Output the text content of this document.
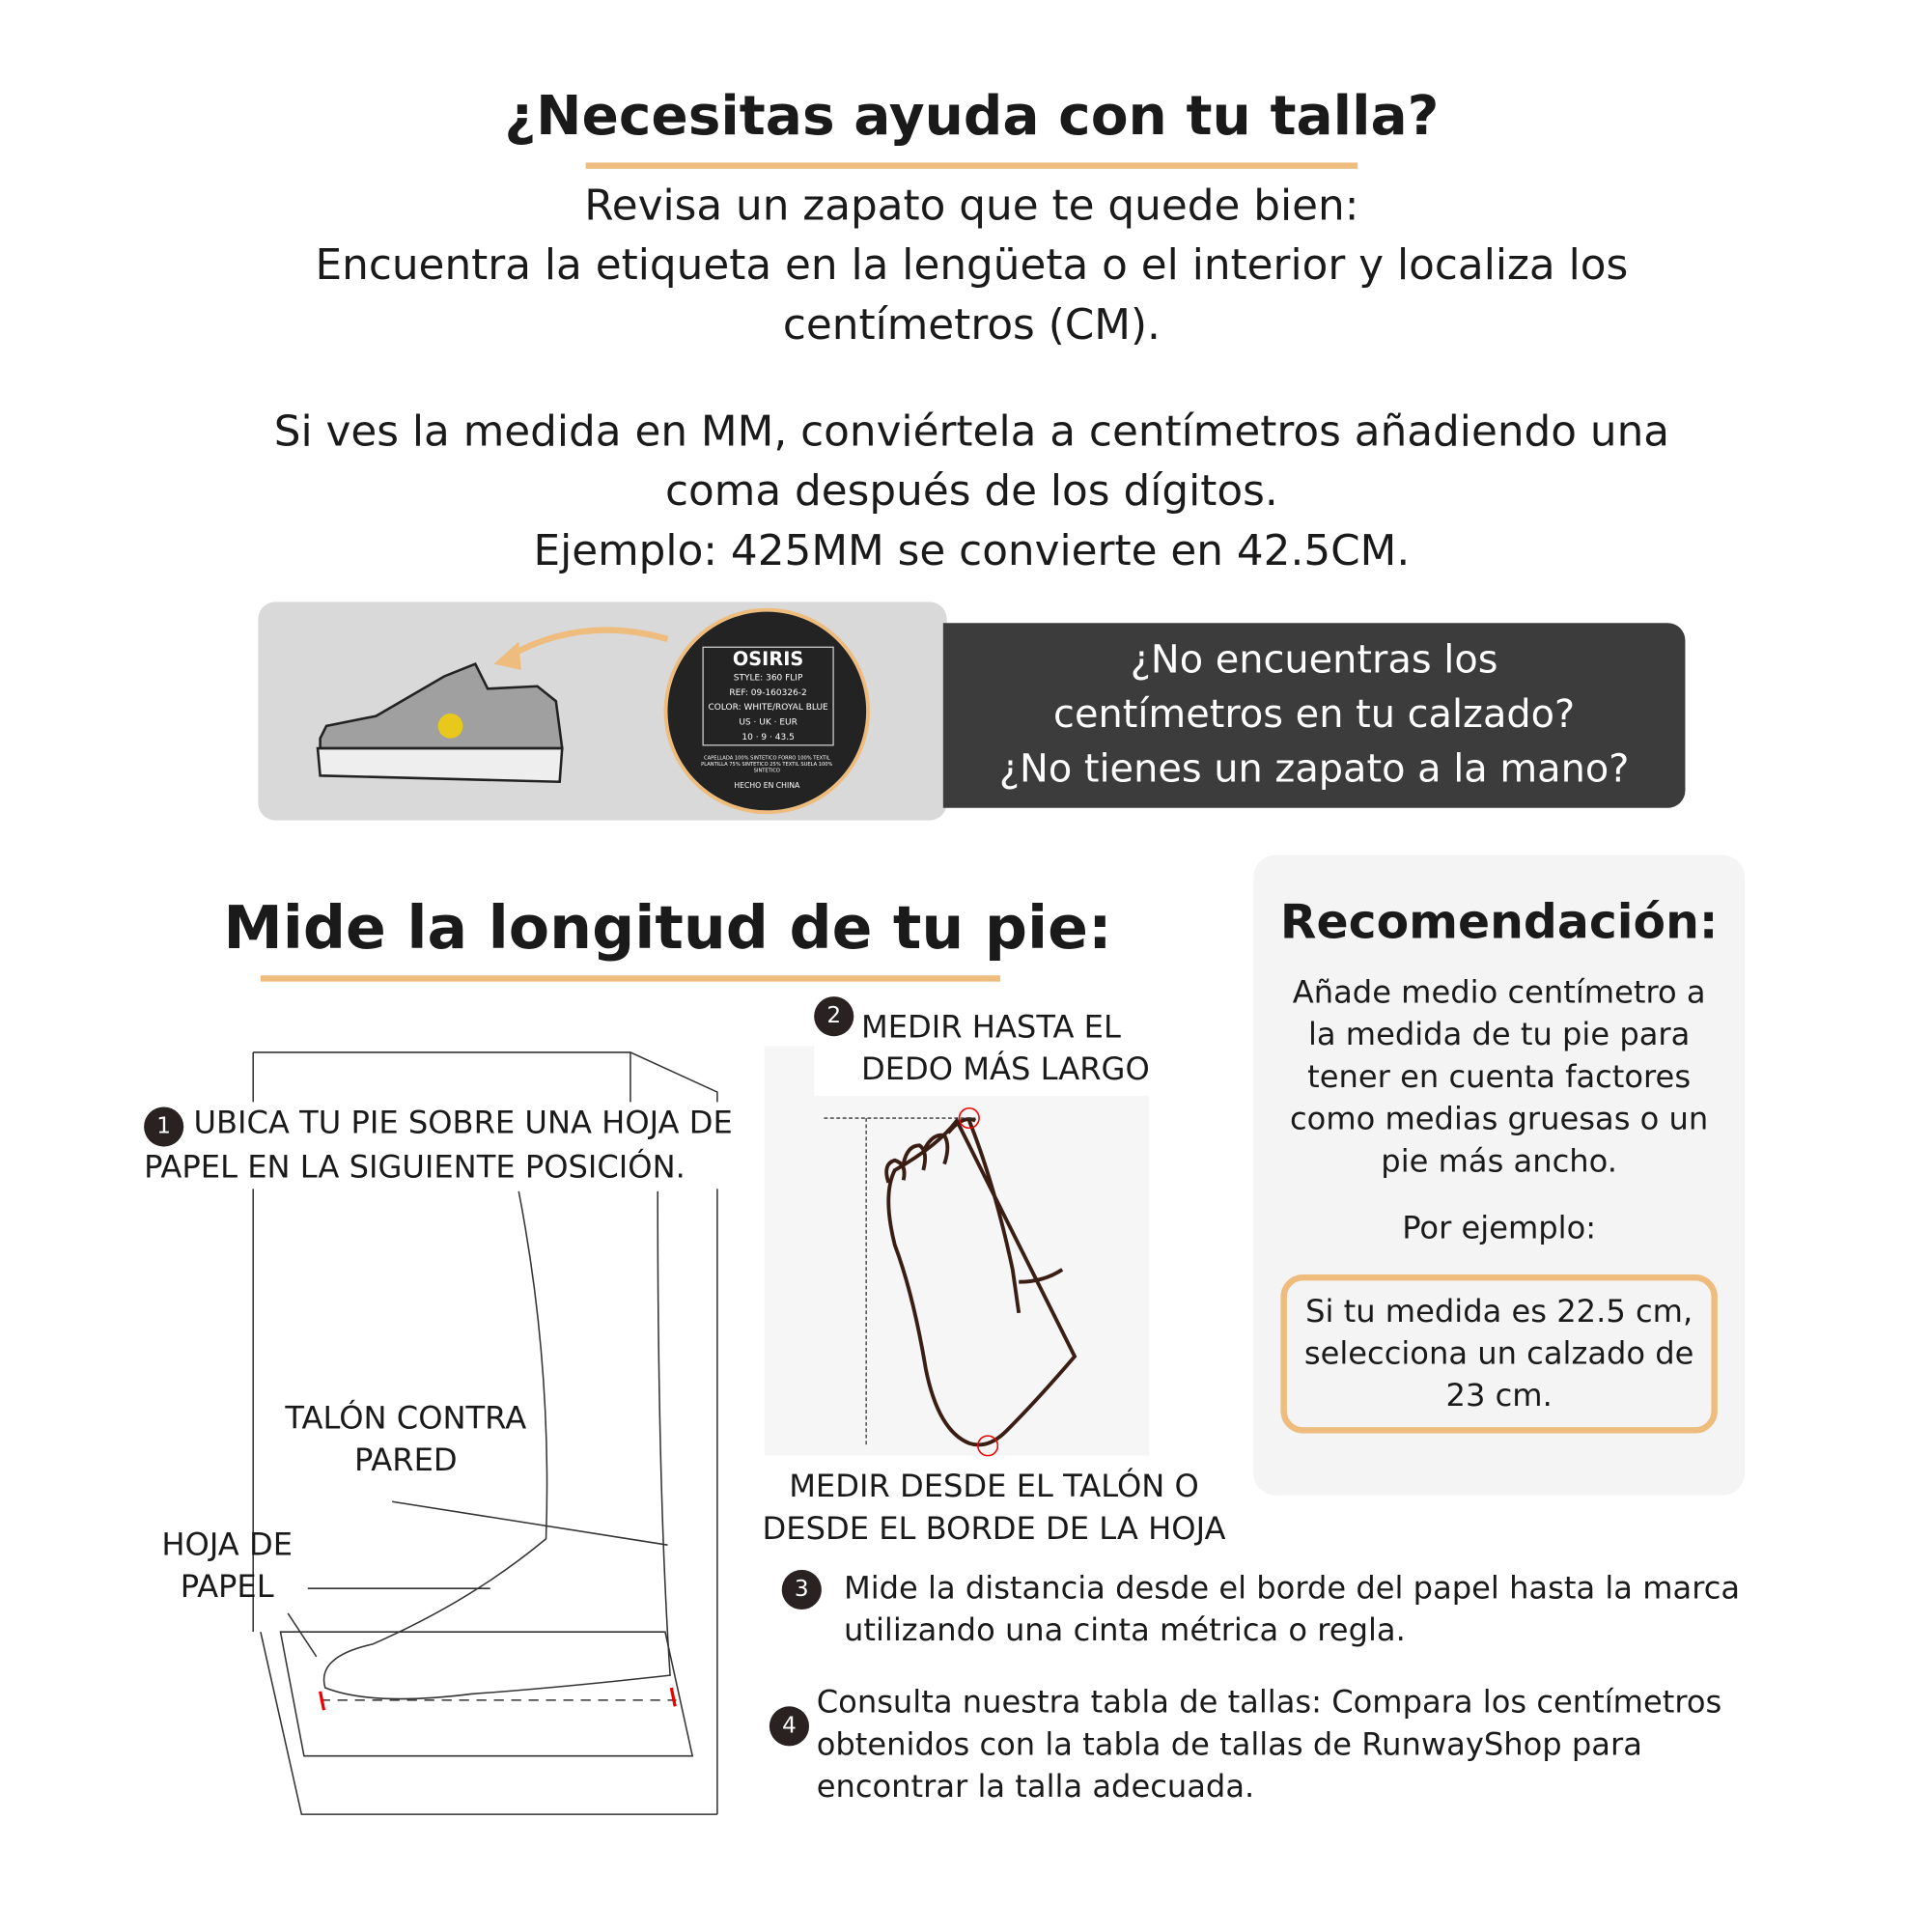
¿Necesitas ayuda con tu talla?
Revisa un zapato que te quede bien:
Encuentra la etiqueta en la lengüeta o el interior y localiza los centímetros (CM).
Si ves la medida en MM, conviértela a centímetros añadiendo una coma después de los dígitos.
Ejemplo: 425MM se convierte en 42.5CM.
OSIRIS
STYLE: 360 FLIP
REF: 09-160326-2
COLOR: WHITE/ROYAL BLUE
US · UK · EUR
10 · 9 · 43.5
CAPELLADA 100% SINTETICO FORRO 100% TEXTIL PLANTILLA 75% SINTETICO 25% TEXTIL SUELA 100% SINTETICO
HECHO EN CHINA
¿No encuentras los centímetros en tu calzado?
¿No tienes un zapato a la mano?
Mide la longitud de tu pie:
1 UBICA TU PIE SOBRE UNA HOJA DE PAPEL EN LA SIGUIENTE POSICIÓN.
TALÓN CONTRA PARED
HOJA DE PAPEL
2 MEDIR HASTA EL DEDO MÁS LARGO
MEDIR DESDE EL TALÓN O DESDE EL BORDE DE LA HOJA
3	Mide la distancia desde el borde del papel hasta la marca utilizando una cinta métrica o regla.
4
Consulta nuestra tabla de tallas: Compara los centímetros obtenidos con la tabla de tallas de RunwayShop para encontrar la talla adecuada.
Recomendación:
Añade medio centímetro a la medida de tu pie para tener en cuenta factores como medias gruesas o un pie más ancho.
Por ejemplo:
Si tu medida es 22.5 cm, selecciona un calzado de 23 cm.
